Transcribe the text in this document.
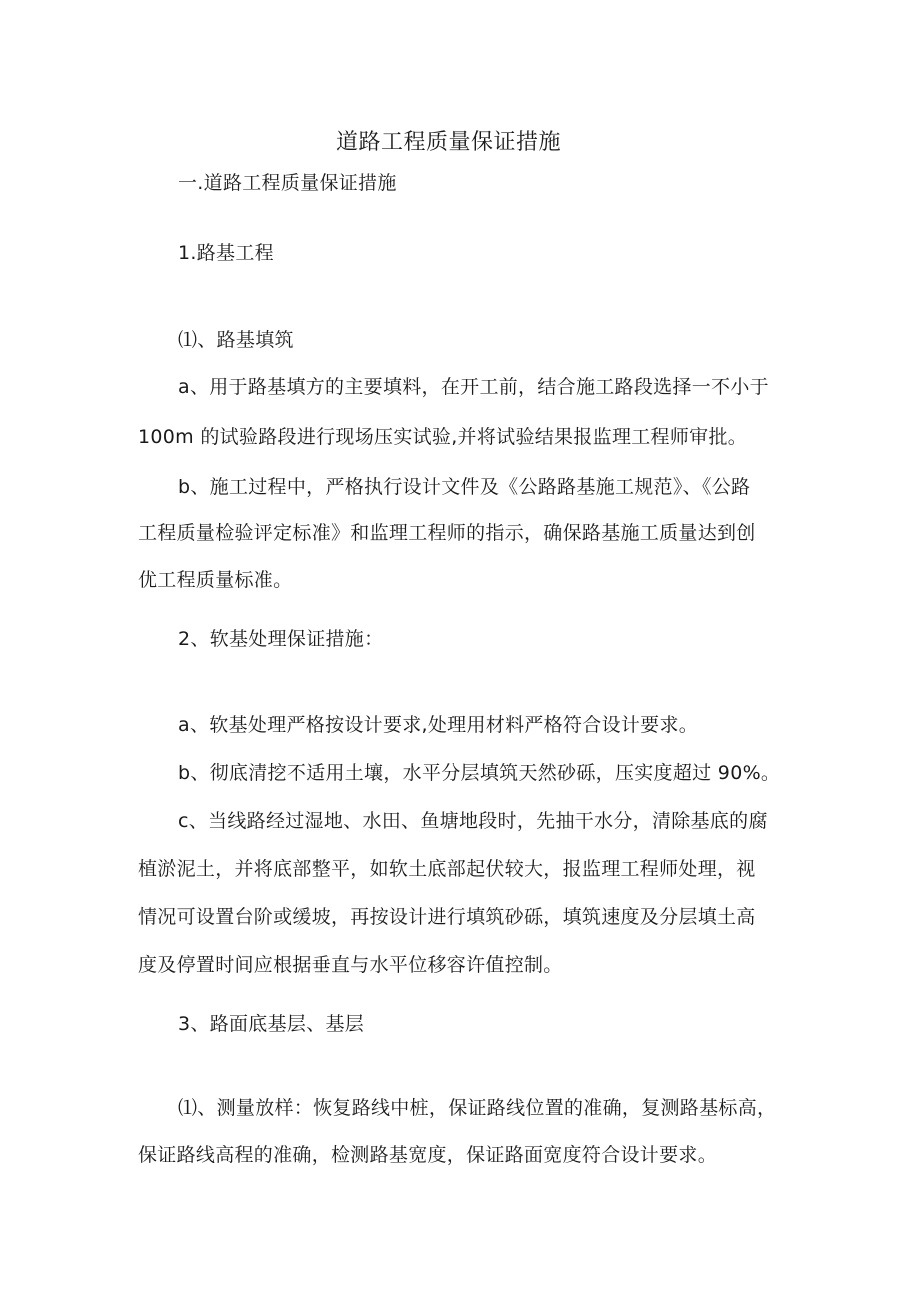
道路工程质量保证措施
一.道路工程质量保证措施
1.路基工程
⑴、路基填筑
a、用于路基填方的主要填料，在开工前，结合施工路段选择一不小于
100m 的试验路段进行现场压实试验,并将试验结果报监理工程师审批。
b、施工过程中，严格执行设计文件及《公路路基施工规范》、《公路
工程质量检验评定标准》和监理工程师的指示，确保路基施工质量达到创
优工程质量标准。
2、软基处理保证措施：
a、软基处理严格按设计要求,处理用材料严格符合设计要求。
b、彻底清挖不适用土壤，水平分层填筑天然砂砾，压实度超过 90%。
c、当线路经过湿地、水田、鱼塘地段时，先抽干水分，清除基底的腐
植淤泥土，并将底部整平，如软土底部起伏较大，报监理工程师处理，视
情况可设置台阶或缓坡，再按设计进行填筑砂砾，填筑速度及分层填土高
度及停置时间应根据垂直与水平位移容许值控制。
3、路面底基层、基层
⑴、测量放样：恢复路线中桩，保证路线位置的准确，复测路基标高，
保证路线高程的准确，检测路基宽度，保证路面宽度符合设计要求。
